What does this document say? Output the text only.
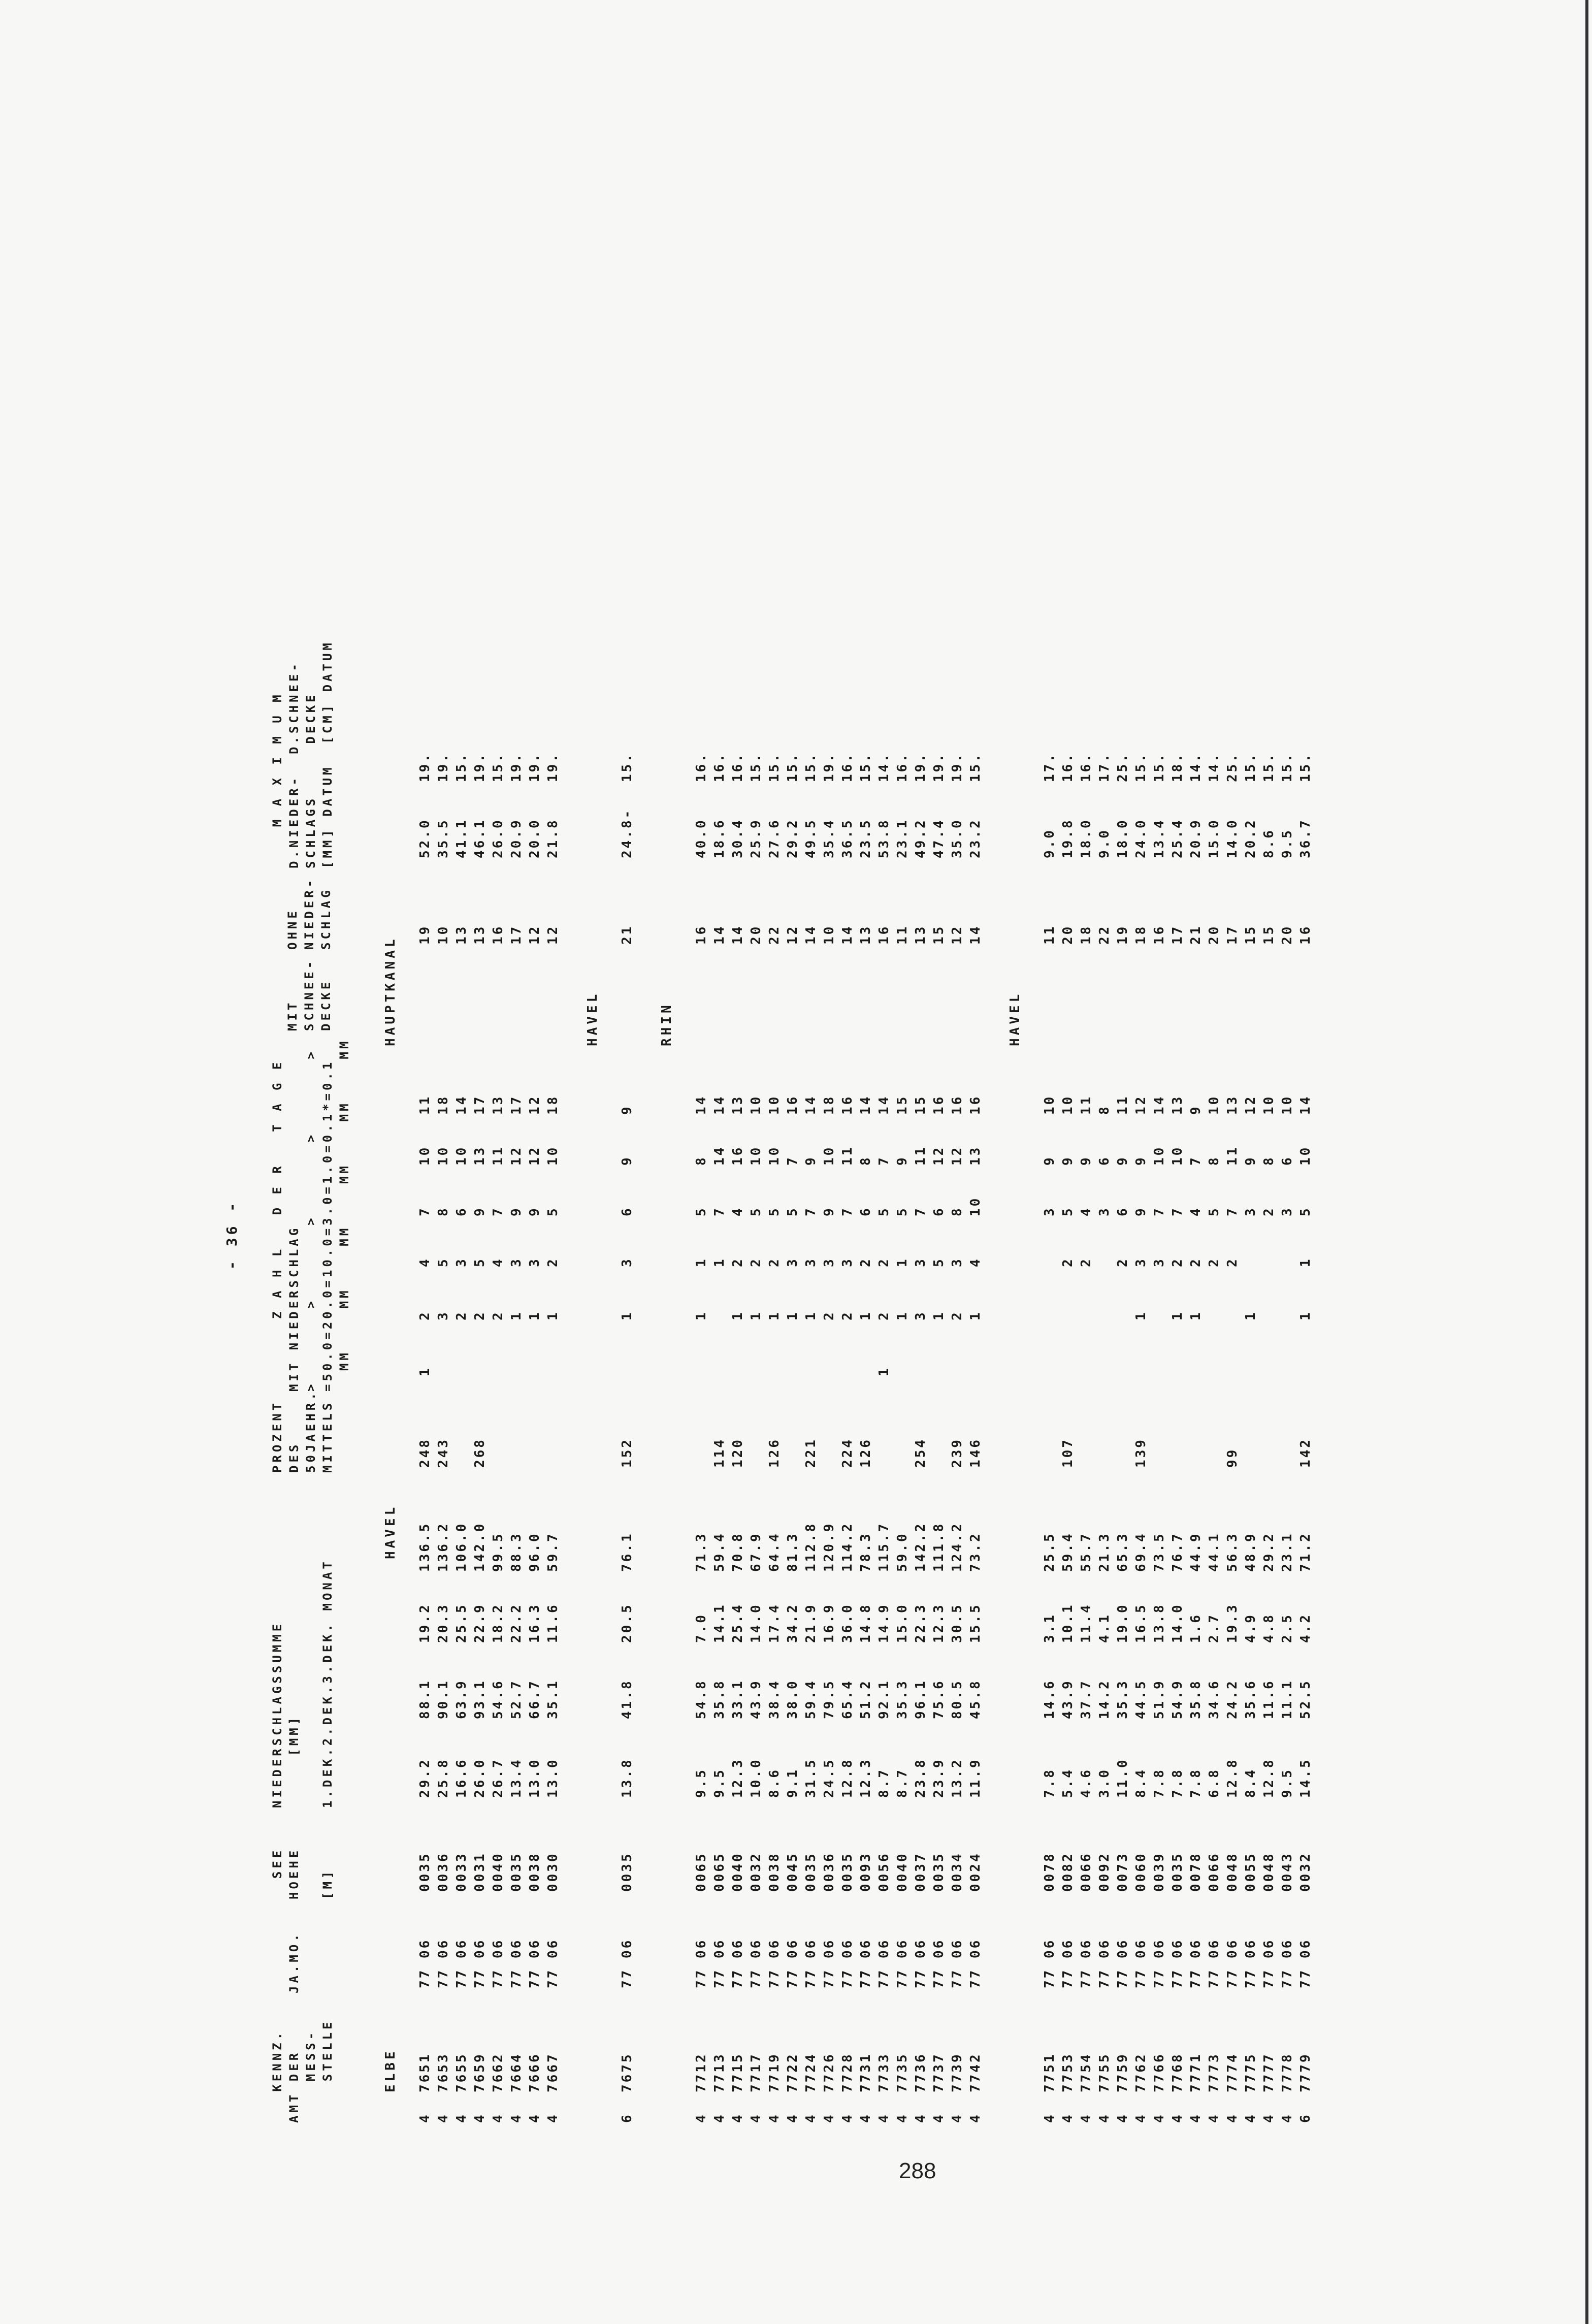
- 36 -
KENNZ.
AMT DER
MESS-
STELLE

JA.MO.
SEE
HOEHE

[M]
NIEDERSCHLAGSSUMME
[MM]

1.DEK.2.DEK.3.DEK. MONAT
PROZENT
DES
50JAEHR.
MITTELS
Z A H L   D E R   T A G E
MIT NIEDERSCHLAG
>       >       >       >       >
=50.0=20.0=10.0=3.0=1.0=0.1*=0.1
MM    MM    MM    MM    MM    MM
MIT
SCHNEE-
DECKE
OHNE
NIEDER-
SCHLAG
M A X I M U M
D.NIEDER-  D.SCHNEE-
SCHLAGS     DECKE
[MM] DATUM  [CM] DATUM
ELBE
HAVEL
HAUPTKANAL
4
7651
77 06
0035
29.2
88.1
19.2
136.5
248
1
2
4
7
10
11
19
52.0
19.
4
7653
77 06
0036
25.8
90.1
20.3
136.2
243
3
5
8
10
18
10
35.5
19.
4
7655
77 06
0033
16.6
63.9
25.5
106.0
2
3
6
10
14
13
41.1
15.
4
7659
77 06
0031
26.0
93.1
22.9
142.0
268
2
5
9
13
17
13
46.1
19.
4
7662
77 06
0040
26.7
54.6
18.2
99.5
2
4
7
11
13
16
26.0
15.
4
7664
77 06
0035
13.4
52.7
22.2
88.3
1
3
9
12
17
17
20.9
19.
4
7666
77 06
0038
13.0
66.7
16.3
96.0
1
3
9
12
12
12
20.0
19.
4
7667
77 06
0030
13.0
35.1
11.6
59.7
1
2
5
10
18
12
21.8
19.
HAVEL
6
7675
77 06
0035
13.8
41.8
20.5
76.1
152
1
3
6
9
9
21
24.8-
15.
RHIN
4
7712
77 06
0065
9.5
54.8
7.0
71.3
1
1
5
8
14
16
40.0
16.
4
7713
77 06
0065
9.5
35.8
14.1
59.4
114
1
7
14
14
14
18.6
16.
4
7715
77 06
0040
12.3
33.1
25.4
70.8
120
1
2
4
16
13
14
30.4
16.
4
7717
77 06
0032
10.0
43.9
14.0
67.9
1
2
5
10
10
20
25.9
15.
4
7719
77 06
0038
8.6
38.4
17.4
64.4
126
1
2
5
10
10
22
27.6
15.
4
7722
77 06
0045
9.1
38.0
34.2
81.3
1
3
5
7
16
12
29.2
15.
4
7724
77 06
0035
31.5
59.4
21.9
112.8
221
1
3
7
9
14
14
49.5
15.
4
7726
77 06
0036
24.5
79.5
16.9
120.9
2
3
9
10
18
10
35.4
19.
4
7728
77 06
0035
12.8
65.4
36.0
114.2
224
2
3
7
11
16
14
36.5
16.
4
7731
77 06
0093
12.3
51.2
14.8
78.3
126
1
2
6
8
14
13
23.5
15.
4
7733
77 06
0056
8.7
92.1
14.9
115.7
1
2
2
5
7
14
16
53.8
14.
4
7735
77 06
0040
8.7
35.3
15.0
59.0
1
1
5
9
15
11
23.1
16.
4
7736
77 06
0037
23.8
96.1
22.3
142.2
254
3
3
7
11
15
13
49.2
19.
4
7737
77 06
0035
23.9
75.6
12.3
111.8
1
5
6
12
16
15
47.4
19.
4
7739
77 06
0034
13.2
80.5
30.5
124.2
239
2
3
8
12
16
12
35.0
19.
4
7742
77 06
0024
11.9
45.8
15.5
73.2
146
1
4
10
13
16
14
23.2
15.
HAVEL
4
7751
77 06
0078
7.8
14.6
3.1
25.5
3
9
10
11
9.0
17.
4
7753
77 06
0082
5.4
43.9
10.1
59.4
107
2
5
9
10
20
19.8
16.
4
7754
77 06
0066
4.6
37.7
11.4
55.7
2
4
9
11
18
18.0
16.
4
7755
77 06
0092
3.0
14.2
4.1
21.3
3
6
8
22
9.0
17.
4
7759
77 06
0073
11.0
35.3
19.0
65.3
2
6
9
11
19
18.0
25.
4
7762
77 06
0060
8.4
44.5
16.5
69.4
139
1
3
9
9
12
18
24.0
15.
4
7766
77 06
0039
7.8
51.9
13.8
73.5
3
7
10
14
16
13.4
15.
4
7768
77 06
0035
7.8
54.9
14.0
76.7
1
2
7
10
13
17
25.4
18.
4
7771
77 06
0078
7.8
35.8
1.6
44.9
1
2
4
7
9
21
20.9
14.
4
7773
77 06
0066
6.8
34.6
2.7
44.1
2
5
8
10
20
15.0
14.
4
7774
77 06
0048
12.8
24.2
19.3
56.3
99
2
7
11
13
17
14.0
25.
4
7775
77 06
0055
8.4
35.6
4.9
48.9
1
3
9
12
15
20.2
15.
4
7777
77 06
0048
12.8
11.6
4.8
29.2
2
8
10
15
8.6
15.
4
7778
77 06
0043
9.5
11.1
2.5
23.1
3
6
10
20
9.5
15.
6
7779
77 06
0032
14.5
52.5
4.2
71.2
142
1
1
5
10
14
16
36.7
15.
288
